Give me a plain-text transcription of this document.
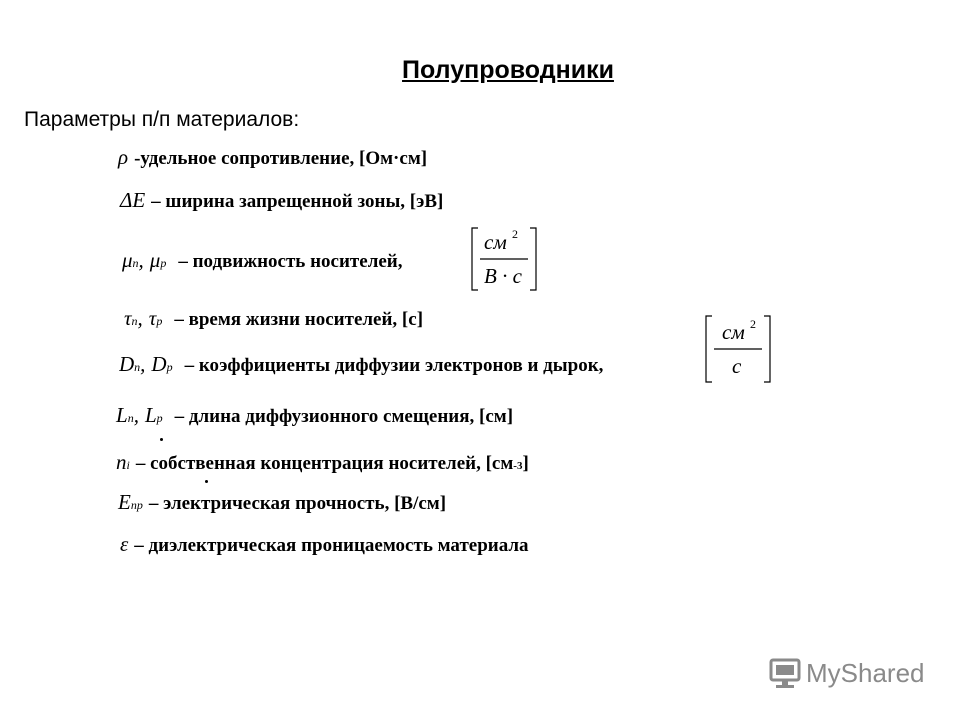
Полупроводники
Параметры п/п материалов:
ρ -удельное сопротивление, [Ом·см]
ΔE – ширина запрещенной зоны, [эВ]
μ n , μ p – подвижность носителей,
см 2
В · с
τ n , τ p – время жизни носителей, [с]
D n , D p – коэффициенты диффузии электронов и дырок,
см 2
с
L n , L p – длина диффузионного смещения, [см]
n i – собственная концентрация носителей, [см -3 ]
E пр – электрическая прочность, [В/см]
ε – диэлектрическая проницаемость материала
MyShared
